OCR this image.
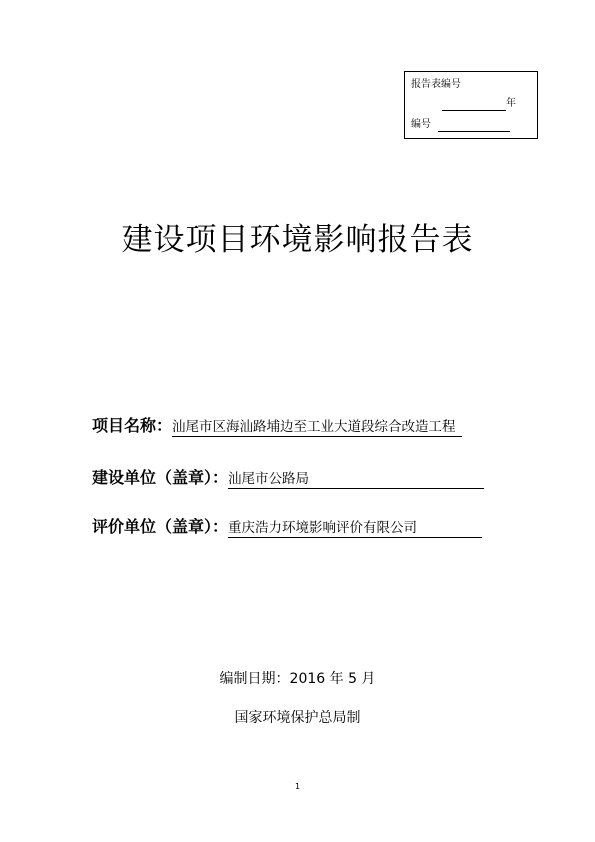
报告表编号
年
编号
建设项目环境影响报告表
项目名称：汕尾市区海汕路埔边至工业大道段综合改造工程
建设单位（盖章）：汕尾市公路局
评价单位（盖章）：重庆浩力环境影响评价有限公司
编制日期：2016 年 5 月
国家环境保护总局制
1
